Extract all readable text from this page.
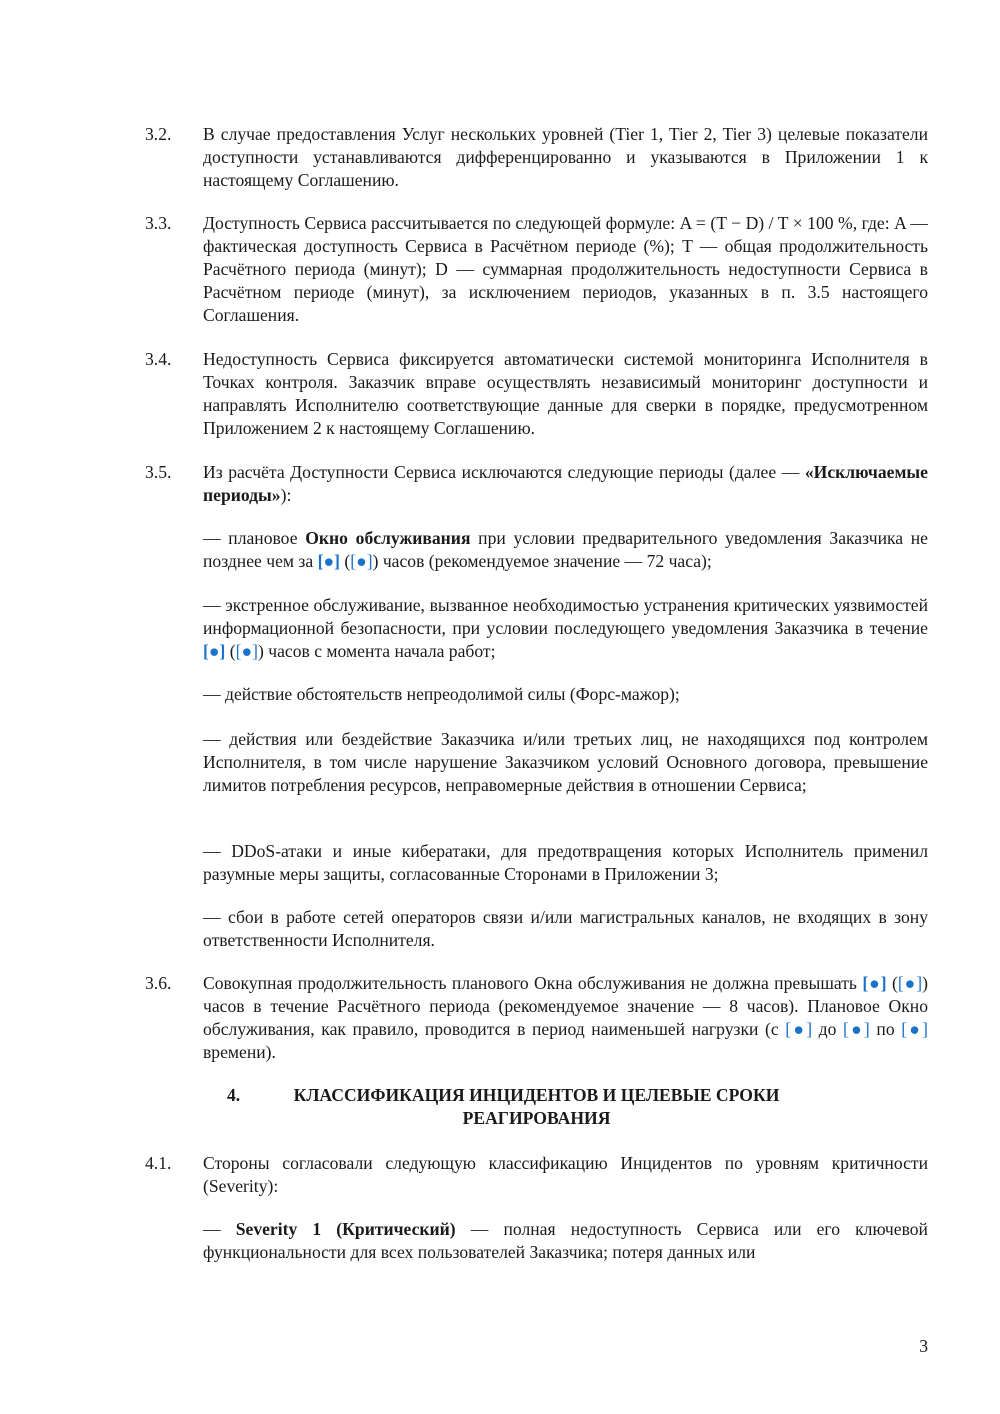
3.2.	В случае предоставления Услуг нескольких уровней (Tier 1, Tier 2, Tier 3) целевые показатели доступности устанавливаются дифференцированно и указываются в Приложении 1 к настоящему Соглашению.

3.3.	Доступность Сервиса рассчитывается по следующей формуле: A = (T − D) / T × 100 %, где: A — фактическая доступность Сервиса в Расчётном периоде (%); T — общая продолжительность Расчётного периода (минут); D — суммарная продолжительность недоступности Сервиса в Расчётном периоде (минут), за исключением периодов, указанных в п. 3.5 настоящего Соглашения.

3.4.	Недоступность Сервиса фиксируется автоматически системой мониторинга Исполнителя в Точках контроля. Заказчик вправе осуществлять независимый мониторинг доступности и направлять Исполнителю соответствующие данные для сверки в порядке, предусмотренном Приложением 2 к настоящему Соглашению.

3.5.	Из расчёта Доступности Сервиса исключаются следующие периоды (далее — «Исключаемые периоды»):

— плановое Окно обслуживания при условии предварительного уведомления Заказчика не позднее чем за [●] ([●]) часов (рекомендуемое значение — 72 часа);

— экстренное обслуживание, вызванное необходимостью устранения критических уязвимостей информационной безопасности, при условии последующего уведомления Заказчика в течение [●] ([●]) часов с момента начала работ;

— действие обстоятельств непреодолимой силы (Форс-мажор);

— действия или бездействие Заказчика и/или третьих лиц, не находящихся под контролем Исполнителя, в том числе нарушение Заказчиком условий Основного договора, превышение лимитов потребления ресурсов, неправомерные действия в отношении Сервиса;

— DDoS-атаки и иные кибератаки, для предотвращения которых Исполнитель применил разумные меры защиты, согласованные Сторонами в Приложении 3;

— сбои в работе сетей операторов связи и/или магистральных каналов, не входящих в зону ответственности Исполнителя.

3.6.	Совокупная продолжительность планового Окна обслуживания не должна превышать [●] ([●]) часов в течение Расчётного периода (рекомендуемое значение — 8 часов). Плановое Окно обслуживания, как правило, проводится в период наименьшей нагрузки (с [●] до [●] по [●] времени).

4.	КЛАССИФИКАЦИЯ ИНЦИДЕНТОВ И ЦЕЛЕВЫЕ СРОКИ
РЕАГИРОВАНИЯ
4.1.	Стороны согласовали следующую классификацию Инцидентов по уровням критичности (Severity):

— Severity 1 (Критический) — полная недоступность Сервиса или его ключевой функциональности для всех пользователей Заказчика; потеря данных или

3
